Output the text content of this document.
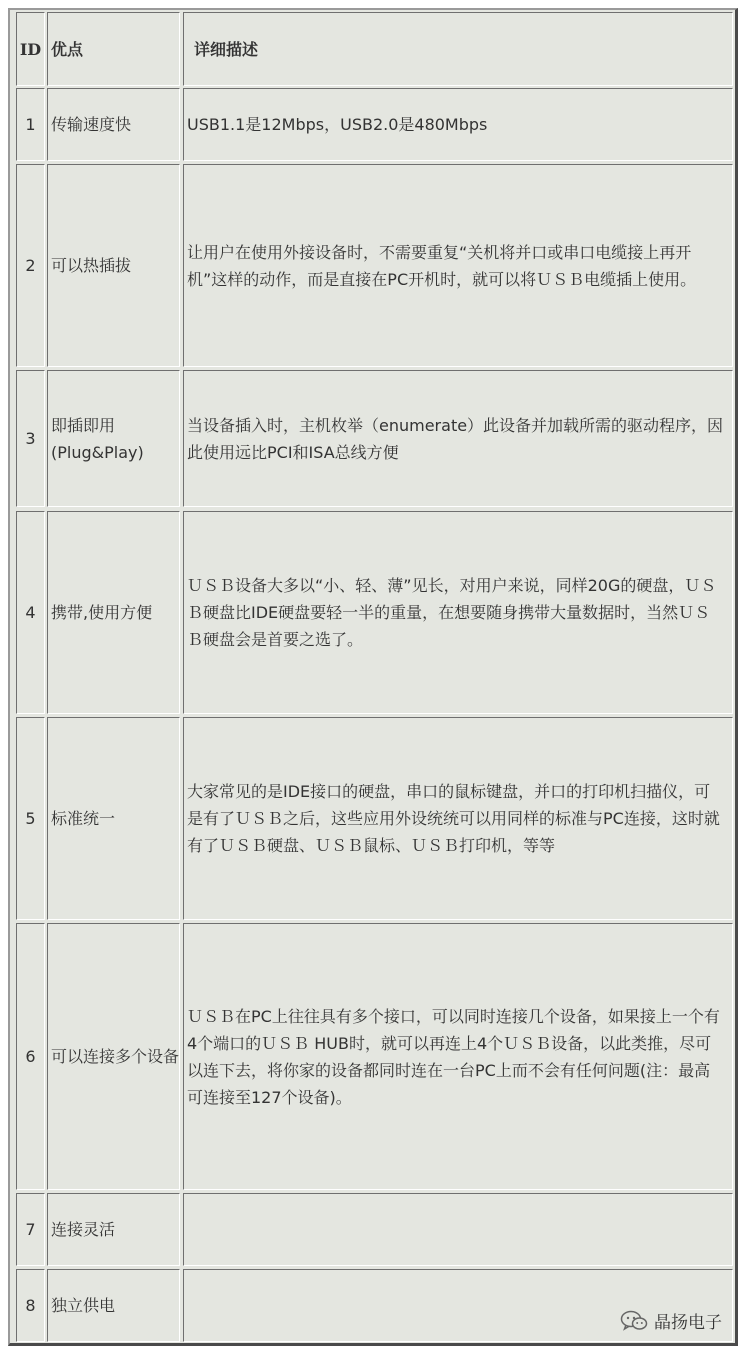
ID 优点	详细描述
1 传输速度快	USB1.1是12Mbps，USB2.0是480Mbps
2 可以热插拔
让用户在使用外接设备时，不需要重复“关机将并口或串口电缆接上再开机”这样的动作，而是直接在PC开机时，就可以将ＵＳＢ电缆插上使用。
3
即插即用(Plug&Play)
当设备插入时，主机枚举（enumerate）此设备并加载所需的驱动程序，因此使用远比PCI和ISA总线方便
4 携带,使用方便
ＵＳＢ设备大多以“小、轻、薄”见长，对用户来说，同样20G的硬盘，ＵＳＢ硬盘比IDE硬盘要轻一半的重量，在想要随身携带大量数据时，当然ＵＳＢ硬盘会是首要之选了。
5 标准统一
大家常见的是IDE接口的硬盘，串口的鼠标键盘，并口的打印机扫描仪，可是有了ＵＳＢ之后，这些应用外设统统可以用同样的标准与PC连接，这时就有了ＵＳＢ硬盘、ＵＳＢ鼠标、ＵＳＢ打印机，等等
6 可以连接多个设备
ＵＳＢ在PC上往往具有多个接口，可以同时连接几个设备，如果接上一个有4个端口的ＵＳＢ HUB时，就可以再连上4个ＵＳＢ设备，以此类推，尽可以连下去，将你家的设备都同时连在一台PC上而不会有任何问题(注：最高可连接至127个设备)。
7 连接灵活
8 独立供电
晶扬电子
